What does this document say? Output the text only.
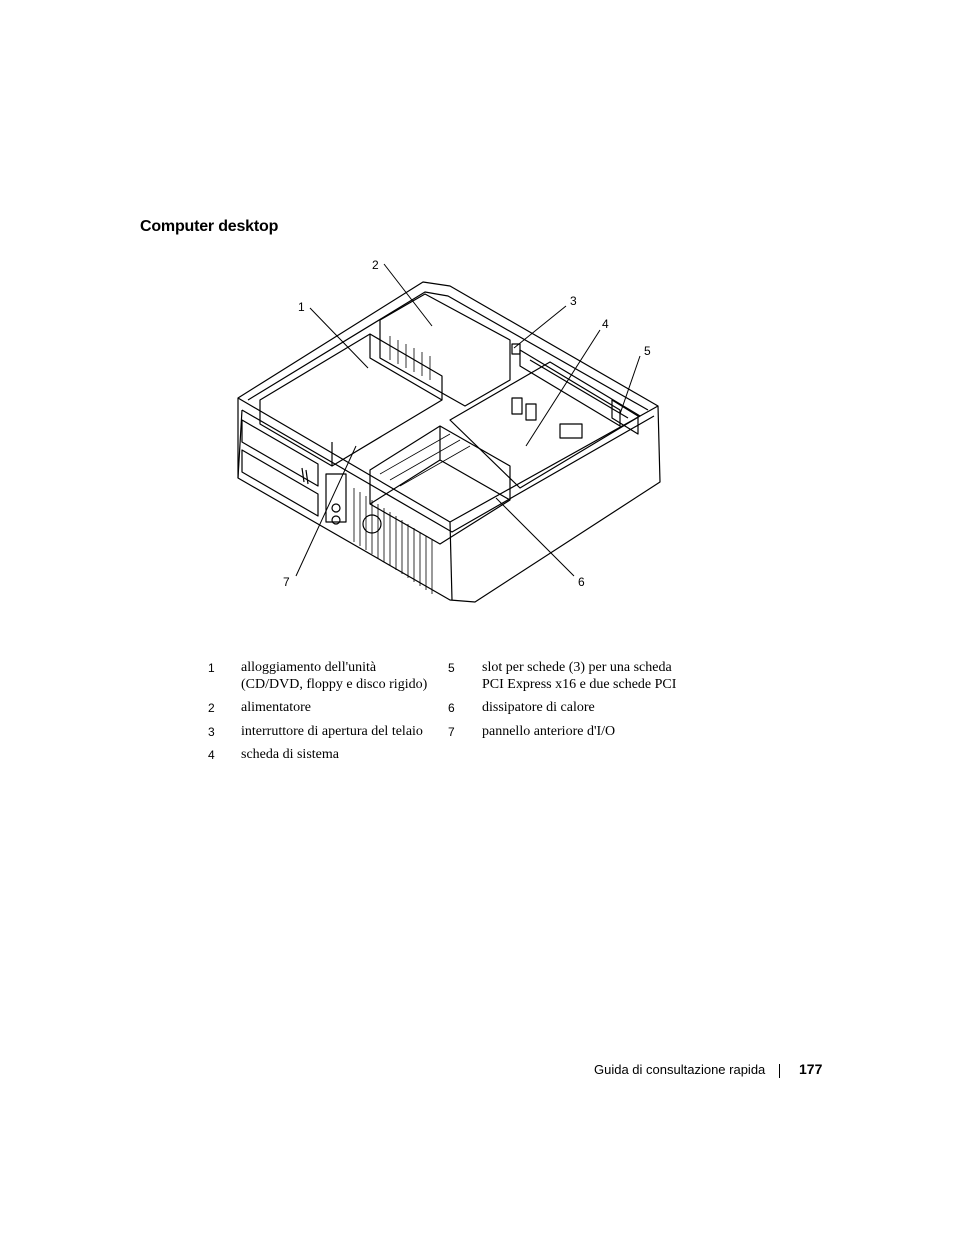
Computer desktop
2
1	3
4
5
6
7
1 alloggiamento dell'unità
(CD/DVD, floppy e disco rigido)
2 alimentatore
3 interruttore di apertura del telaio
4 scheda di sistema
5 slot per schede (3) per una scheda
PCI Express x16 e due schede PCI
6 dissipatore di calore
7 pannello anteriore d'I/O
Guida di consultazione rapida 177
